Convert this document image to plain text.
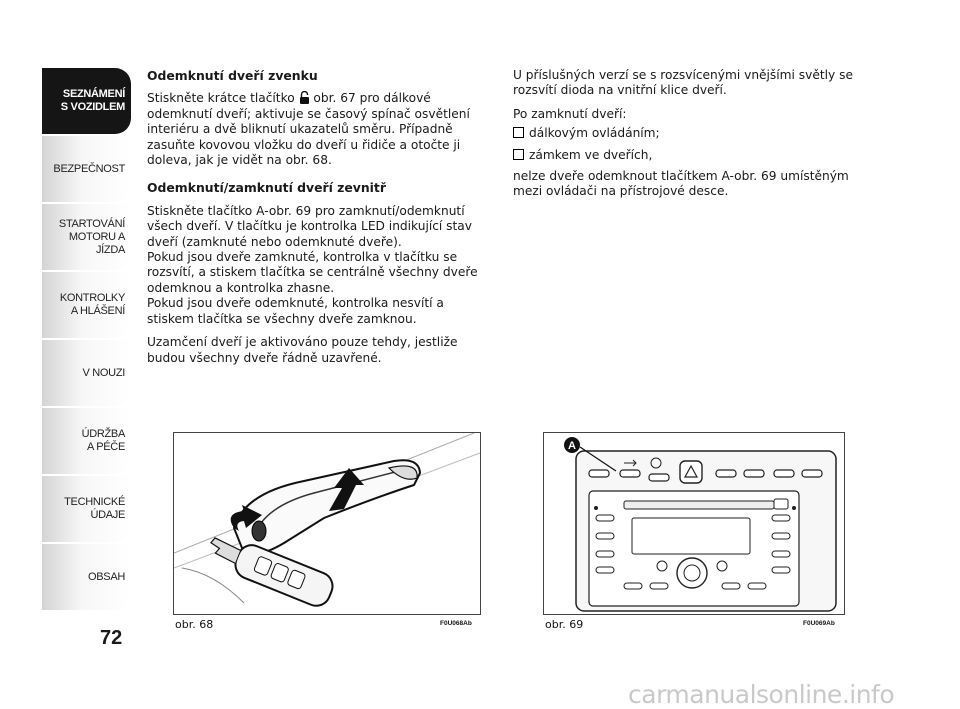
SEZNÁMENÍ
S VOZIDLEM
BEZPEČNOST
STARTOVÁNÍ
MOTORU A JÍZDA
KONTROLKY
A HLÁŠENÍ
V NOUZI
ÚDRŽBA
A PÉČE
TECHNICKÉ
ÚDAJE
OBSAH
72
Odemknutí dveří zvenku

Stiskněte krátce tlačítko obr. 67 pro dálkové odemknutí dveří; aktivuje se časový spínač osvětlení interiéru a dvě bliknutí ukazatelů směru. Případně zasuňte kovovou vložku do dveří u řidiče a otočte ji doleva, jak je vidět na obr. 68.

Odemknutí/zamknutí dveří zevnitř

Stiskněte tlačítko A-obr. 69 pro zamknutí/odemknutí všech dveří. V tlačítku je kontrolka LED indikující stav dveří (zamknuté nebo odemknuté dveře).

Pokud jsou dveře zamknuté, kontrolka v tlačítku se rozsvítí, a stiskem tlačítka se centrálně všechny dveře odemknou a kontrolka zhasne.

Pokud jsou dveře odemknuté, kontrolka nesvítí a stiskem tlačítka se všechny dveře zamknou.

Uzamčení dveří je aktivováno pouze tehdy, jestliže budou všechny dveře řádně uzavřené.

U příslušných verzí se s rozsvícenými vnějšími světly se rozsvítí dioda na vnitřní klice dveří.

Po zamknutí dveří:

dálkovým ovládáním;
zámkem ve dveřích,

nelze dveře odemknout tlačítkem A-obr. 69 umístěným mezi ovládači na přístrojové desce.

obr. 68	F0U068Ab
A
obr. 69	F0U069Ab
carmanualsonline.info
